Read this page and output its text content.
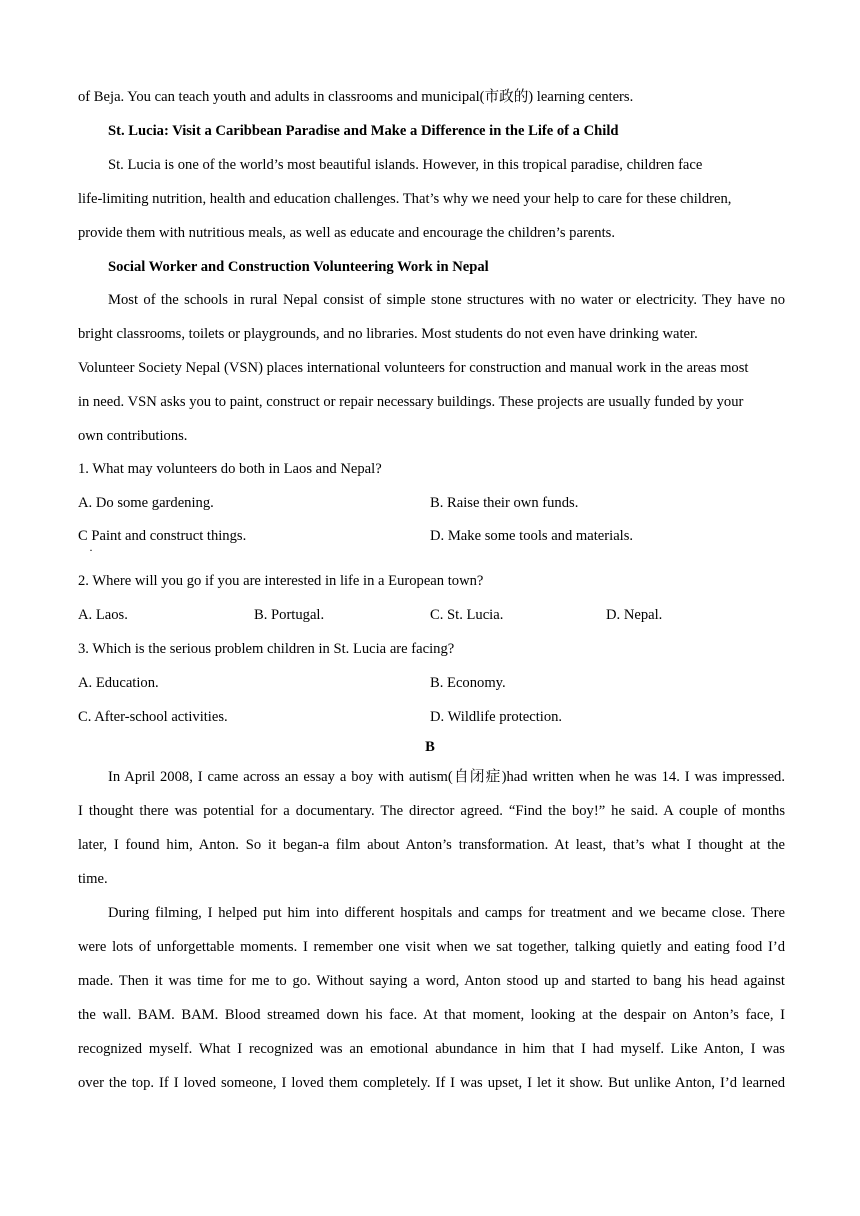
of Beja. You can teach youth and adults in classrooms and municipal(市政的) learning centers.
St. Lucia: Visit a Caribbean Paradise and Make a Difference in the Life of a Child
St. Lucia is one of the world’s most beautiful islands. However, in this tropical paradise, children face
life-limiting nutrition, health and education challenges. That’s why we need your help to care for these children,
provide them with nutritious meals, as well as educate and encourage the children’s parents.
Social Worker and Construction Volunteering Work in Nepal
Most of the schools in rural Nepal consist of simple stone structures with no water or electricity. They have no
bright classrooms, toilets or playgrounds, and no libraries. Most students do not even have drinking water.
Volunteer Society Nepal (VSN) places international volunteers for construction and manual work in the areas most
in need. VSN asks you to paint, construct or repair necessary buildings. These projects are usually funded by your
own contributions.
1. What may volunteers do both in Laos and Nepal?
A. Do some gardening.	B. Raise their own funds.
C Paint and construct things.	D. Make some tools and materials.
·
2. Where will you go if you are interested in life in a European town?
A. Laos.	B. Portugal.	C. St. Lucia.	D. Nepal.
3. Which is the serious problem children in St. Lucia are facing?
A. Education.	B. Economy.
C. After-school activities.	D. Wildlife protection.
B
In April 2008, I came across an essay a boy with autism(自闭症)had written when he was 14. I was impressed.
I thought there was potential for a documentary. The director agreed. “Find the boy!” he said. A couple of months
later, I found him, Anton. So it began-a film about Anton’s transformation. At least, that’s what I thought at the
time.
During filming, I helped put him into different hospitals and camps for treatment and we became close. There
were lots of unforgettable moments. I remember one visit when we sat together, talking quietly and eating food I’d
made. Then it was time for me to go. Without saying a word, Anton stood up and started to bang his head against
the wall. BAM. BAM. Blood streamed down his face. At that moment, looking at the despair on Anton’s face, I
recognized myself. What I recognized was an emotional abundance in him that I had myself. Like Anton, I was
over the top. If I loved someone, I loved them completely. If I was upset, I let it show. But unlike Anton, I’d learned
